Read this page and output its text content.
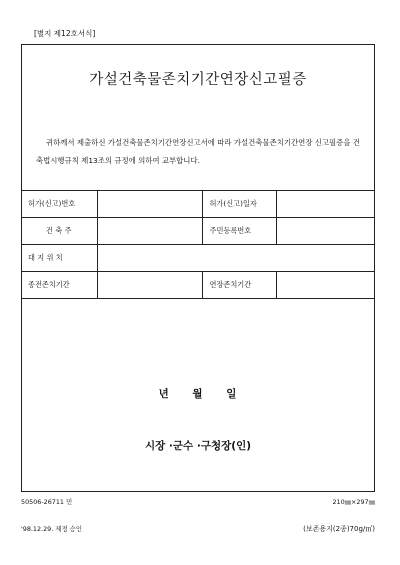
[별지 제12호서식]
가설건축물존치기간연장신고필증
귀하께서 제출하신 가설건축물존치기간연장신고서에 따라 가설건축물존치기간연장 신고필증을 건축법시행규칙 제13조의 규정에 의하여 교부합니다.
허가(신고)번호		허가(신고)일자	
건 축 주		주민등록번호	
대 지 위 치			
종전존치기간		연장존치기간	
년 월 일
시장 ·군수 ·구청장(인)
50506-26711 민
'98.12.29. 제정 승인
210㎜×297㎜
(보존용지(2종)70g/㎡)
